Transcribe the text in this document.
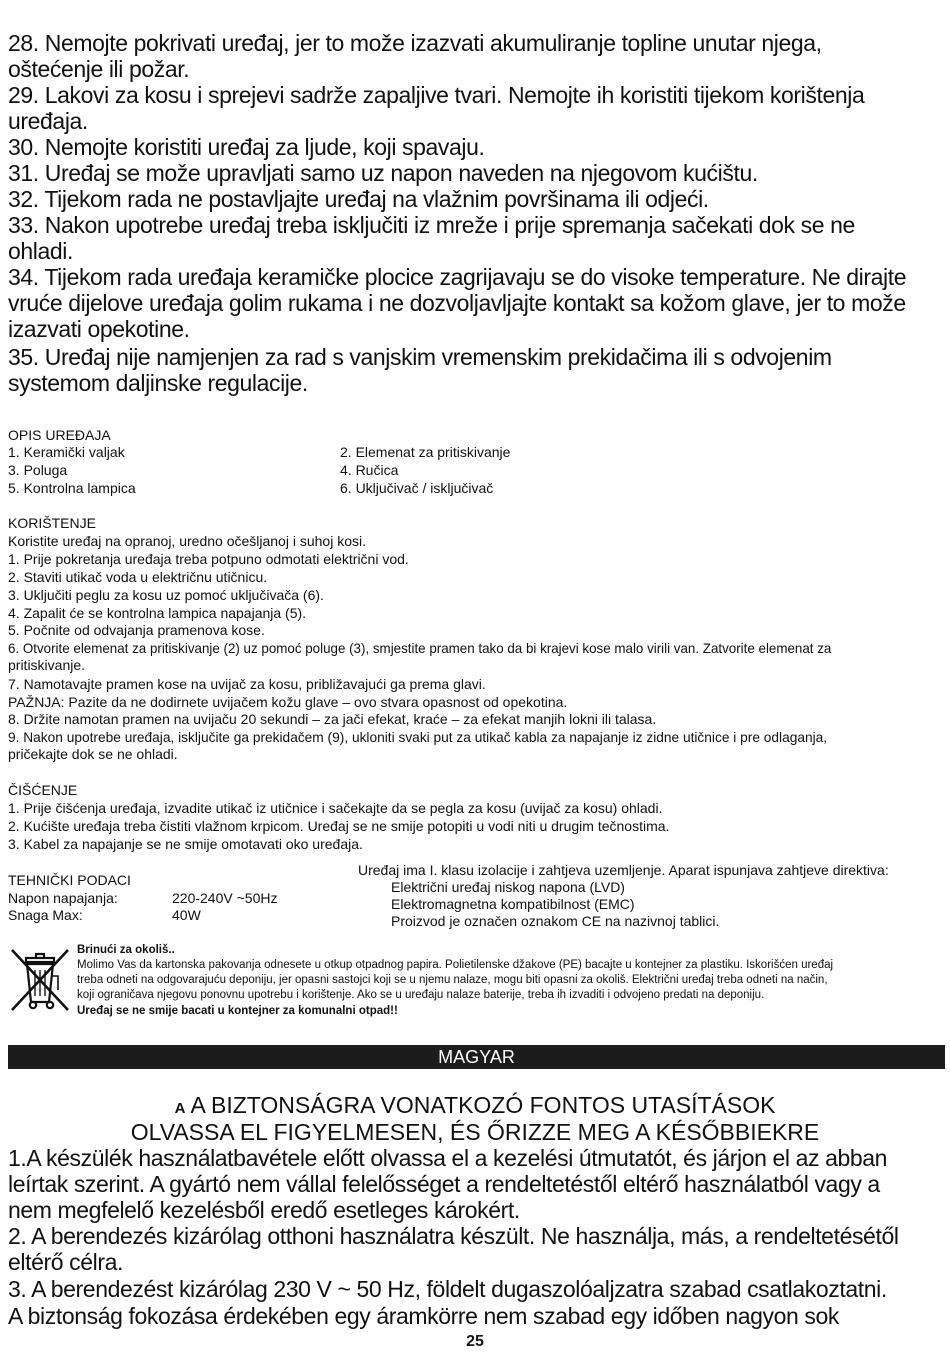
28. Nemojte pokrivati uređaj, jer to može izazvati akumuliranje topline unutar njega,
oštećenje ili požar.
29. Lakovi za kosu i sprejevi sadrže zapaljive tvari. Nemojte ih koristiti tijekom korištenja
uređaja.
30. Nemojte koristiti uređaj za ljude, koji spavaju.
31. Uređaj se može upravljati samo uz napon naveden na njegovom kućištu.
32. Tijekom rada ne postavljajte uređaj na vlažnim površinama ili odjeći.
33. Nakon upotrebe uređaj treba isključiti iz mreže i prije spremanja sačekati dok se ne
ohladi.
34. Tijekom rada uređaja keramičke plocice zagrijavaju se do visoke temperature. Ne dirajte
vruće dijelove uređaja golim rukama i ne dozvoljavljajte kontakt sa kožom glave, jer to može
izazvati opekotine.
35. Uređaj nije namjenjen za rad s vanjskim vremenskim prekidačima ili s odvojenim
systemom daljinske regulacije.
OPIS UREĐAJA
1. Keramički valjak
3. Poluga
5. Kontrolna lampica
2. Elemenat za pritiskivanje
4. Ručica
6. Uključivač / isključivač
KORIŠTENJE
Koristite uređaj na opranoj, uredno očešljanoj i suhoj kosi.
1. Prije pokretanja uređaja treba potpuno odmotati električni vod.
2. Staviti utikač voda u električnu utičnicu.
3. Uključiti peglu za kosu uz pomoć uključivača (6).
4. Zapalit će se kontrolna lampica napajanja (5).
5. Počnite od odvajanja pramenova kose.
6. Otvorite elemenat za pritiskivanje (2) uz pomoć poluge (3), smjestite pramen tako da bi krajevi kose malo virili van. Zatvorite elemenat za
pritiskivanje.
7. Namotavajte pramen kose na uvijač za kosu, približavajući ga prema glavi.
PAŽNJA: Pazite da ne dodirnete uvijačem kožu glave – ovo stvara opasnost od opekotina.
8. Držite namotan pramen na uvijaču 20 sekundi – za jači efekat, kraće – za efekat manjih lokni ili talasa.
9. Nakon upotrebe uređaja, isključite ga prekidačem (9), ukloniti svaki put za utikač kabla za napajanje iz zidne utičnice i pre odlaganja,
pričekajte dok se ne ohladi.
ČIŠĆENJE
1. Prije čišćenja uređaja, izvadite utikač iz utičnice i sačekajte da se pegla za kosu (uvijač za kosu) ohladi.
2. Kućište uređaja treba čistiti vlažnom krpicom. Uređaj se ne smije potopiti u vodi niti u drugim tečnostima.
3. Kabel za napajanje se ne smije omotavati oko uređaja.
TEHNIČKI PODACI
Napon napajanja:	220-240V ~50Hz
Snaga Max:	40W
Uređaj ima I. klasu izolacije i zahtjeva uzemljenje. Aparat ispunjava zahtjeve direktiva:
Električni uređaj niskog napona (LVD)
Elektromagnetna kompatibilnost (EMC)
Proizvod je označen oznakom CE na nazivnoj tablici.
Brinući za okoliš..
Molimo Vas da kartonska pakovanja odnesete u otkup otpadnog papira. Polietilenske džakove (PE) bacajte u kontejner za plastiku. Iskorišćen uređaj
treba odneti na odgovarajuću deponiju, jer opasni sastojci koji se u njemu nalaze, mogu biti opasni za okoliš. Električni uređaj treba odneti na način,
koji ograničava njegovu ponovnu upotrebu i korištenje. Ako se u uređaju nalaze baterije, treba ih izvaditi i odvojeno predati na deponiju.
Uređaj se ne smije bacati u kontejner za komunalni otpad!!
MAGYAR
A A BIZTONSÁGRA VONATKOZÓ FONTOS UTASÍTÁSOK
OLVASSA EL FIGYELMESEN, ÉS ŐRIZZE MEG A KÉSŐBBIEKRE
1.A készülék használatbavétele előtt olvassa el a kezelési útmutatót, és járjon el az abban
leírtak szerint. A gyártó nem vállal felelősséget a rendeltetéstől eltérő használatból vagy a
nem megfelelő kezelésből eredő esetleges károkért.
2. A berendezés kizárólag otthoni használatra készült. Ne használja, más, a rendeltetésétől
eltérő célra.
3. A berendezést kizárólag 230 V ~ 50 Hz, földelt dugaszolóaljzatra szabad csatlakoztatni.
A biztonság fokozása érdekében egy áramkörre nem szabad egy időben nagyon sok
25
